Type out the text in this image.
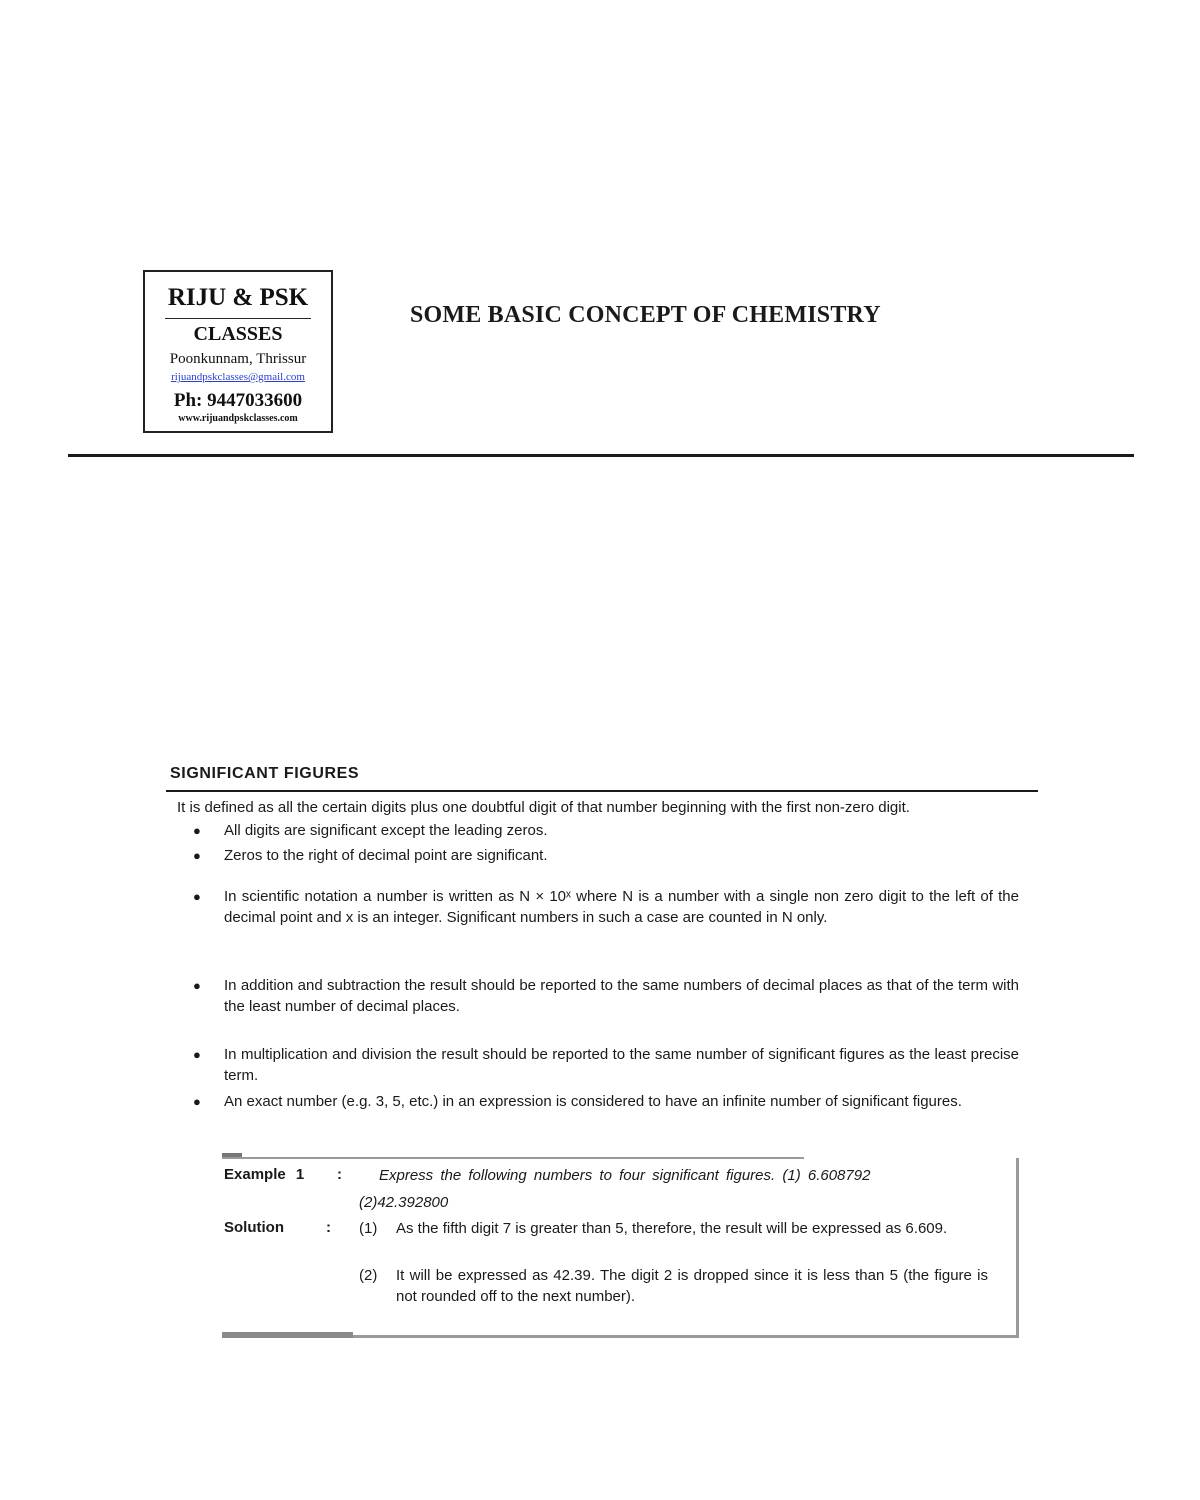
RIJU & PSK
CLASSES
Poonkunnam, Thrissur
rijuandpskclasses@gmail.com
Ph: 9447033600
www.rijuandpskclasses.com
SOME BASIC CONCEPT OF CHEMISTRY
SIGNIFICANT FIGURES
It is defined as all the certain digits plus one doubtful digit of that number beginning with the first non-zero digit.
●	All digits are significant except the leading zeros.
●	Zeros to the right of decimal point are significant.
●	In scientific notation a number is written as N × 10ˣ where N is a number with a single non zero digit to the left of the decimal point and x is an integer. Significant numbers in such a case are counted in N only.
●	In addition and subtraction the result should be reported to the same numbers of decimal places as that of the term with the least number of decimal places.
●	In multiplication and division the result should be reported to the same number of significant figures as the least precise term.
●	An exact number (e.g. 3, 5, etc.) in an expression is considered to have an infinite number of significant figures.
Example 1 : Express the following numbers to four significant figures. (1) 6.608792
(2)42.392800
Solution	: (1) As the fifth digit 7 is greater than 5, therefore, the result will be expressed as 6.609.
(2) It will be expressed as 42.39. The digit 2 is dropped since it is less than 5 (the figure is not rounded off to the next number).
